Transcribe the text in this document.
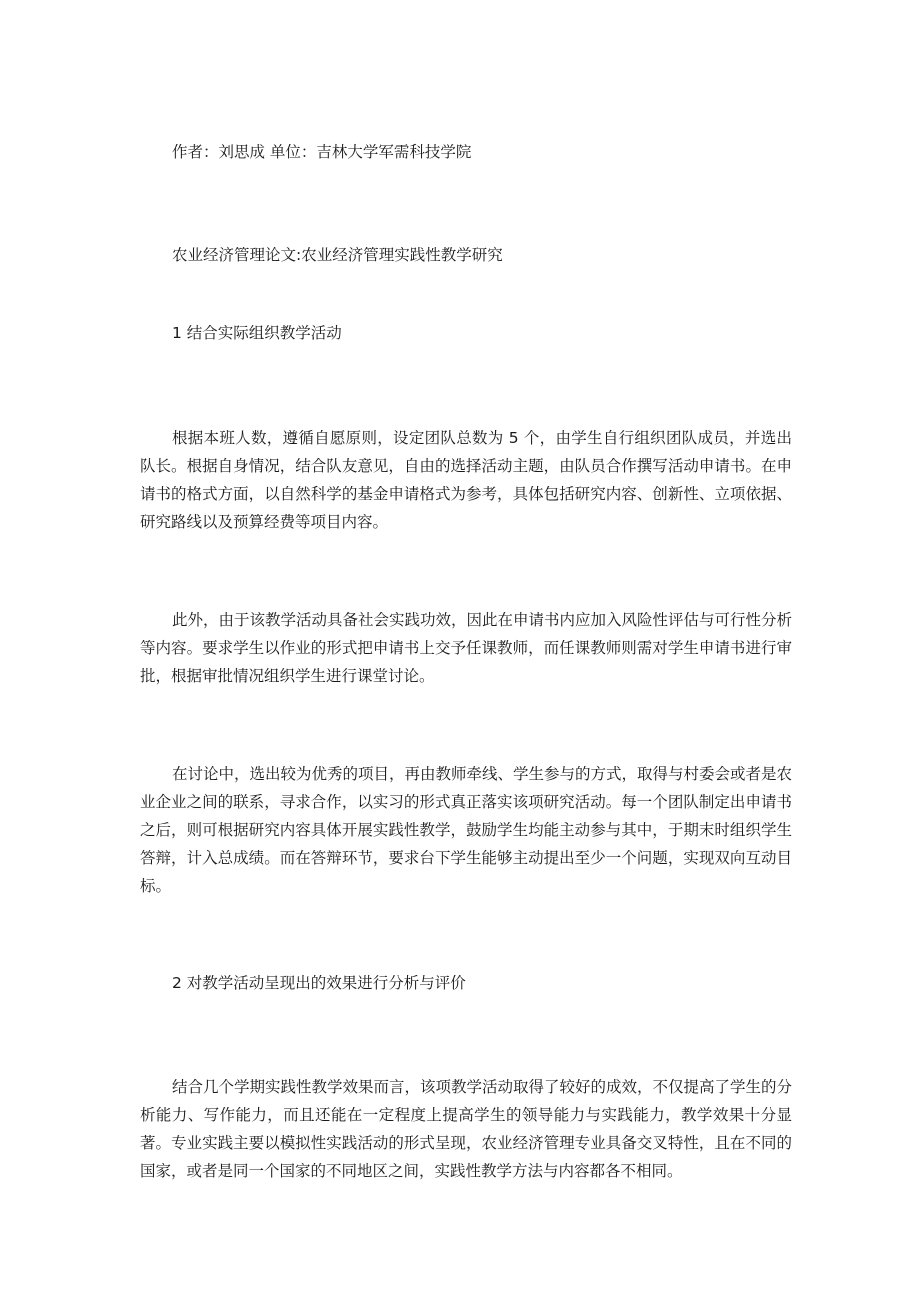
作者：刘思成 单位：吉林大学军需科技学院

农业经济管理论文:农业经济管理实践性教学研究

1 结合实际组织教学活动

根据本班人数，遵循自愿原则，设定团队总数为 5 个，由学生自行组织团队成员，并选出队长。根据自身情况，结合队友意见，自由的选择活动主题，由队员合作撰写活动申请书。在申请书的格式方面，以自然科学的基金申请格式为参考，具体包括研究内容、创新性、立项依据、研究路线以及预算经费等项目内容。

此外，由于该教学活动具备社会实践功效，因此在申请书内应加入风险性评估与可行性分析等内容。要求学生以作业的形式把申请书上交予任课教师，而任课教师则需对学生申请书进行审批，根据审批情况组织学生进行课堂讨论。

在讨论中，选出较为优秀的项目，再由教师牵线、学生参与的方式，取得与村委会或者是农业企业之间的联系，寻求合作，以实习的形式真正落实该项研究活动。每一个团队制定出申请书之后，则可根据研究内容具体开展实践性教学，鼓励学生均能主动参与其中，于期末时组织学生答辩，计入总成绩。而在答辩环节，要求台下学生能够主动提出至少一个问题，实现双向互动目标。

2 对教学活动呈现出的效果进行分析与评价

结合几个学期实践性教学效果而言，该项教学活动取得了较好的成效，不仅提高了学生的分析能力、写作能力，而且还能在一定程度上提高学生的领导能力与实践能力，教学效果十分显著。专业实践主要以模拟性实践活动的形式呈现，农业经济管理专业具备交叉特性，且在不同的国家，或者是同一个国家的不同地区之间，实践性教学方法与内容都各不相同。
